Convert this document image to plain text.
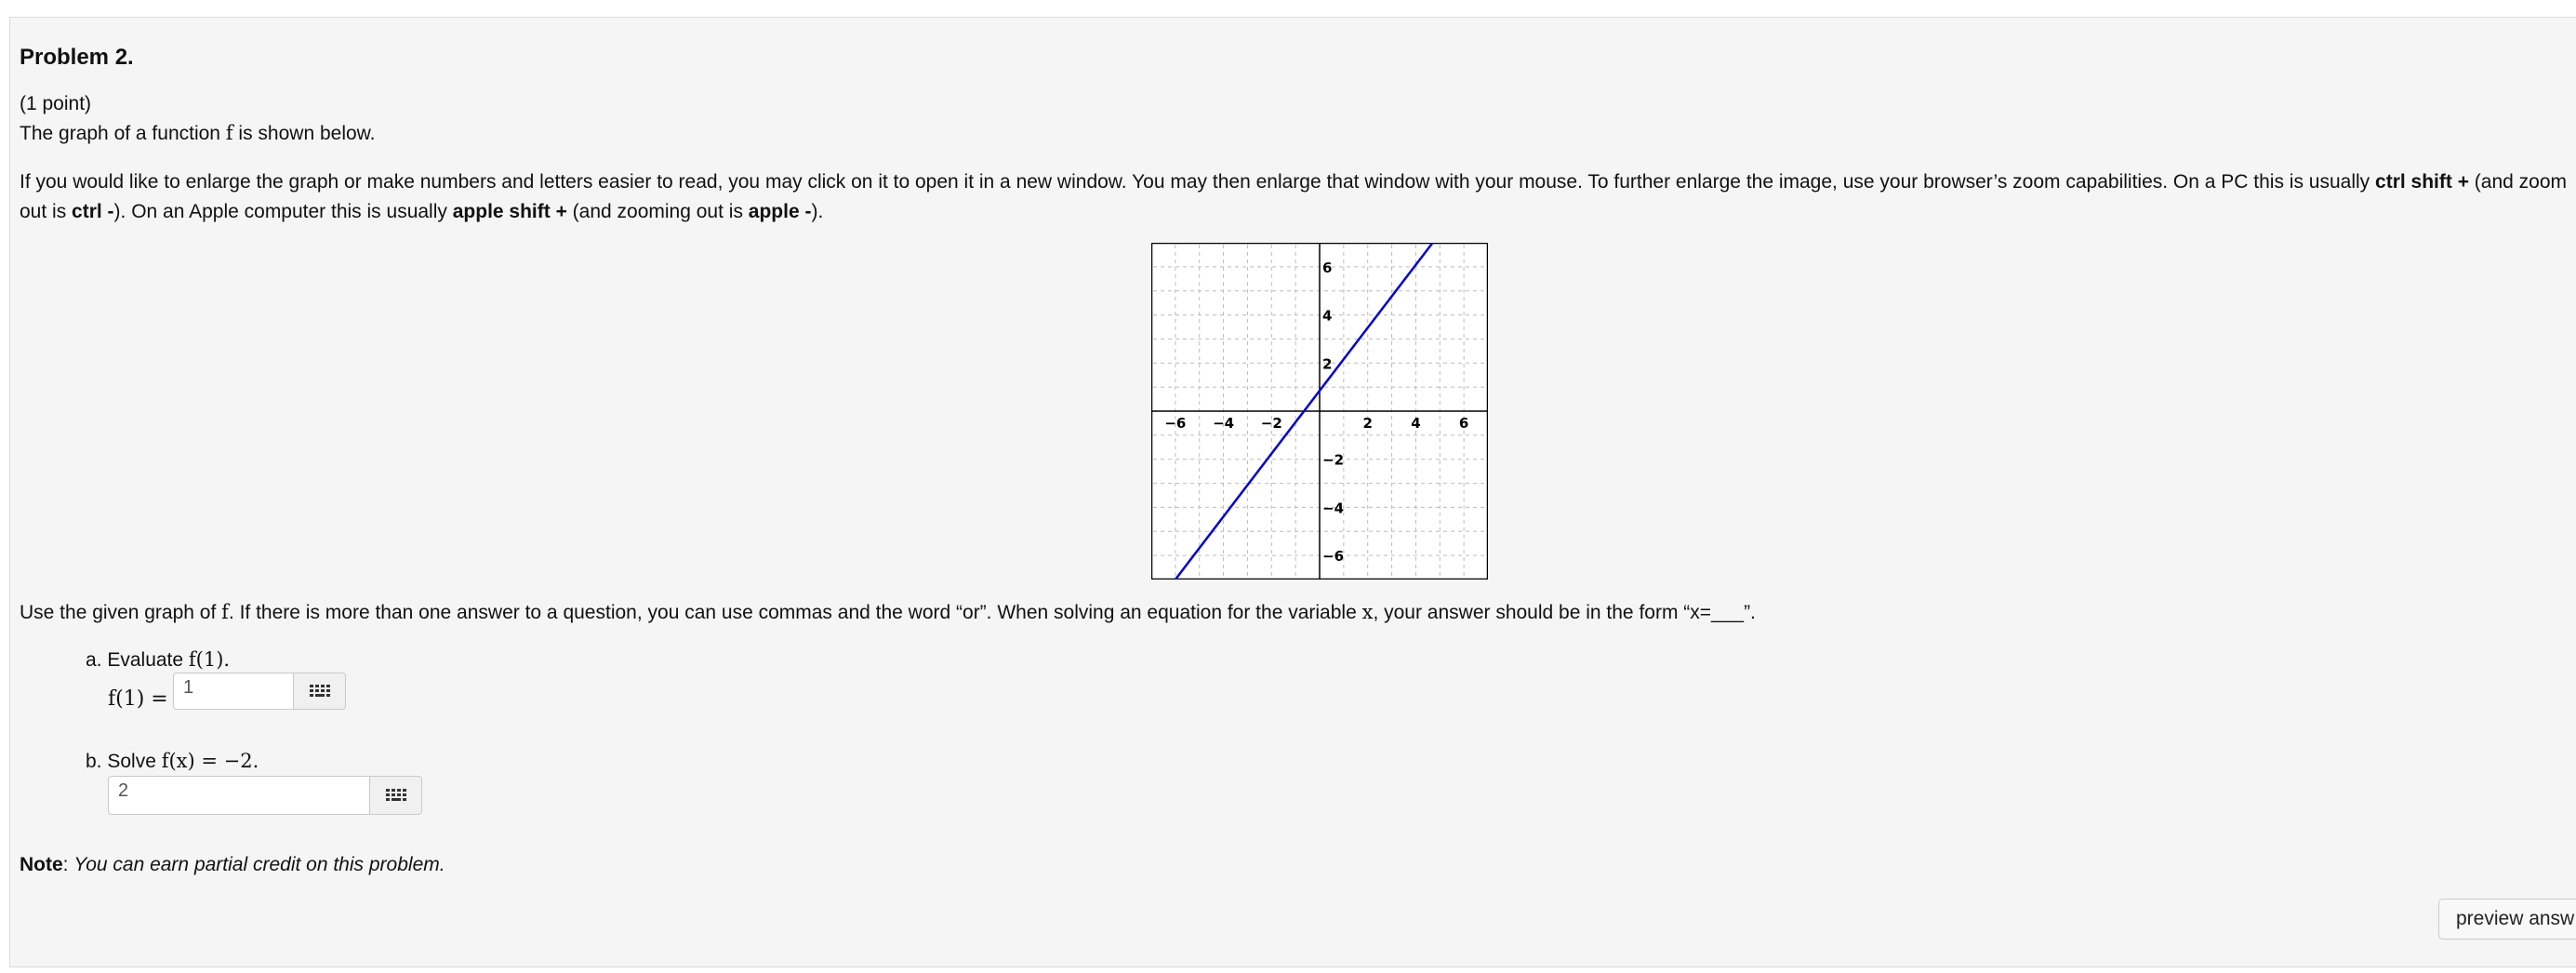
Problem 2.
(1 point)
The graph of a function f is shown below.
If you would like to enlarge the graph or make numbers and letters easier to read, you may click on it to open it in a new window. You may then enlarge that window with your mouse. To further enlarge the image, use your browser’s zoom capabilities. On a PC this is usually ctrl shift + (and zoom
out is ctrl -). On an Apple computer this is usually apple shift + (and zooming out is apple -).
−6 −4 −2	2	4	6
6
4
2
−2
−4
−6
Use the given graph of f. If there is more than one answer to a question, you can use commas and the word “or”. When solving an equation for the variable x, your answer should be in the form “x=___”.
a. Evaluate f(1).
f(1) = 1
b. Solve f(x) = −2.
2
Note: You can earn partial credit on this problem.
preview answ
